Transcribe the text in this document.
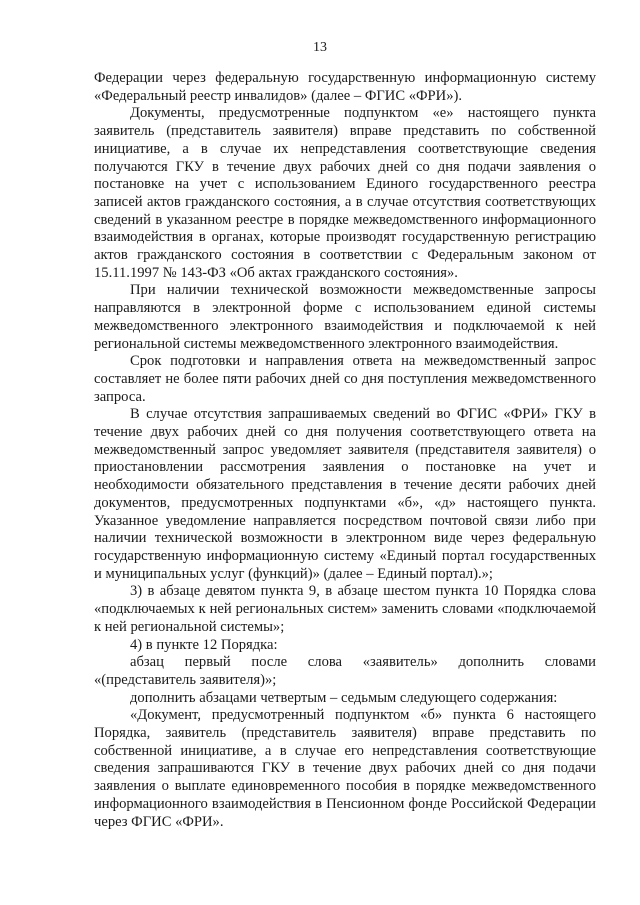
13

Федерации через федеральную государственную информационную систему «Федеральный реестр инвалидов» (далее – ФГИС «ФРИ»).

Документы, предусмотренные подпунктом «е» настоящего пункта заявитель (представитель заявителя) вправе представить по собственной инициативе, а в случае их непредставления соответствующие сведения получаются ГКУ в течение двух рабочих дней со дня подачи заявления о постановке на учет с использованием Единого государственного реестра записей актов гражданского состояния, а в случае отсутствия соответствующих сведений в указанном реестре в порядке межведомственного информационного взаимодействия в органах, которые производят государственную регистрацию актов гражданского состояния в соответствии с Федеральным законом от 15.11.1997 № 143-ФЗ «Об актах гражданского состояния».

При наличии технической возможности межведомственные запросы направляются в электронной форме с использованием единой системы межведомственного электронного взаимодействия и подключаемой к ней региональной системы межведомственного электронного взаимодействия.

Срок подготовки и направления ответа на межведомственный запрос составляет не более пяти рабочих дней со дня поступления межведомственного запроса.

В случае отсутствия запрашиваемых сведений во ФГИС «ФРИ» ГКУ в течение двух рабочих дней со дня получения соответствующего ответа на межведомственный запрос уведомляет заявителя (представителя заявителя) о приостановлении рассмотрения заявления о постановке на учет и необходимости обязательного представления в течение десяти рабочих дней документов, предусмотренных подпунктами «б», «д» настоящего пункта. Указанное уведомление направляется посредством почтовой связи либо при наличии технической возможности в электронном виде через федеральную государственную информационную систему «Единый портал государственных и муниципальных услуг (функций)» (далее – Единый портал).»;

3) в абзаце девятом пункта 9, в абзаце шестом пункта 10 Порядка слова «подключаемых к ней региональных систем» заменить словами «подключаемой к ней региональной системы»;

4) в пункте 12 Порядка:

абзац первый после слова «заявитель» дополнить словами «(представитель заявителя)»;

дополнить абзацами четвертым – седьмым следующего содержания:

«Документ, предусмотренный подпунктом «б» пункта 6 настоящего Порядка, заявитель (представитель заявителя) вправе представить по собственной инициативе, а в случае его непредставления соответствующие сведения запрашиваются ГКУ в течение двух рабочих дней со дня подачи заявления о выплате единовременного пособия в порядке межведомственного информационного взаимодействия в Пенсионном фонде Российской Федерации через ФГИС «ФРИ».
